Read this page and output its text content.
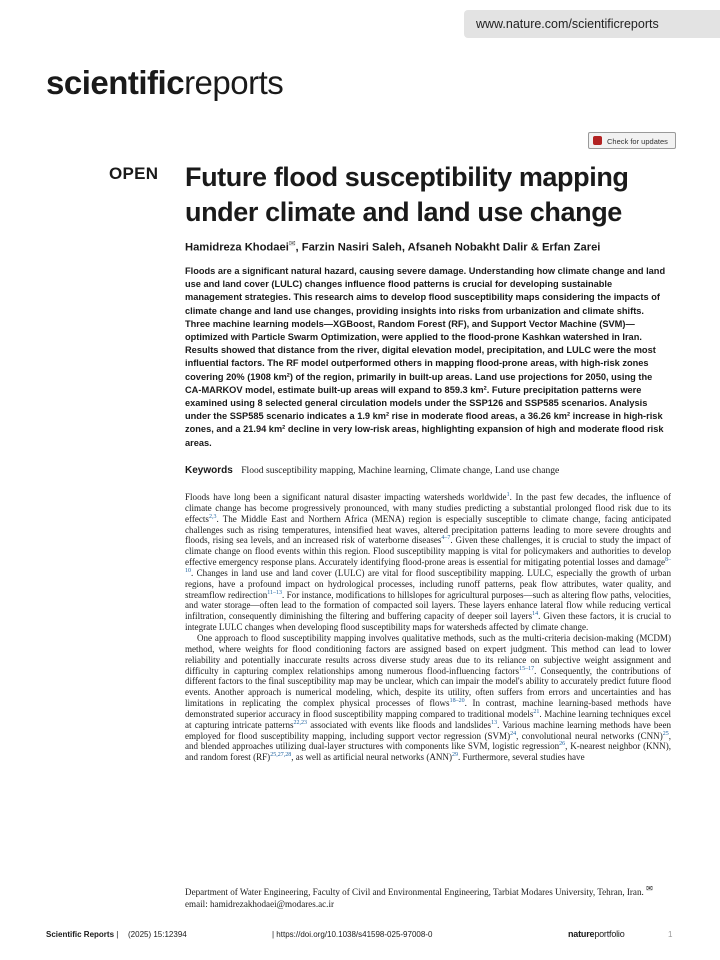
www.nature.com/scientificreports
scientificreports
Check for updates
OPEN Future flood susceptibility mapping under climate and land use change
Hamidreza Khodaei✉, Farzin Nasiri Saleh, Afsaneh Nobakht Dalir & Erfan Zarei

Floods are a significant natural hazard, causing severe damage. Understanding how climate change and land use and land cover (LULC) changes influence flood patterns is crucial for developing sustainable management strategies. This research aims to develop flood susceptibility maps considering the impacts of climate change and land use changes, providing insights into risks from urbanization and climate shifts. Three machine learning models—XGBoost, Random Forest (RF), and Support Vector Machine (SVM)—optimized with Particle Swarm Optimization, were applied to the flood-prone Kashkan watershed in Iran. Results showed that distance from the river, digital elevation model, precipitation, and LULC were the most influential factors. The RF model outperformed others in mapping flood-prone areas, with high-risk zones covering 20% (1908 km²) of the region, primarily in built-up areas. Land use projections for 2050, using the CA-MARKOV model, estimate built-up areas will expand to 859.3 km². Future precipitation patterns were examined using 8 selected general circulation models under the SSP126 and SSP585 scenarios. Analysis under the SSP585 scenario indicates a 1.9 km² rise in moderate flood areas, a 36.26 km² increase in high-risk zones, and a 21.94 km² decline in very low-risk areas, highlighting expansion of high and moderate flood risk areas.

Keywords Flood susceptibility mapping, Machine learning, Climate change, Land use change

Floods have long been a significant natural disaster impacting watersheds worldwide$^1$. In the past few decades, the influence of climate change has become progressively pronounced, with many studies predicting a substantial prolonged flood risk due to its effects$^{2,3}$. The Middle East and Northern Africa (MENA) region is especially susceptible to climate change, facing anticipated challenges such as rising temperatures, intensified heat waves, altered precipitation patterns leading to more severe droughts and floods, rising sea levels, and an increased risk of waterborne diseases$^{4-7}$. Given these challenges, it is crucial to study the impact of climate change on flood events within this region. Flood susceptibility mapping is vital for policymakers and authorities to develop effective emergency response plans. Accurately identifying flood-prone areas is essential for mitigating potential losses and damage$^{8-10}$. Changes in land use and land cover (LULC) are vital for flood susceptibility mapping. LULC, especially the growth of urban regions, have a profound impact on hydrological processes, including runoff patterns, peak flow attributes, water quality, and streamflow redirection$^{11-13}$. For instance, modifications to hillslopes for agricultural purposes—such as altering flow paths, velocities, and water storage—often lead to the formation of compacted soil layers. These layers enhance lateral flow while reducing vertical infiltration, consequently diminishing the filtering and buffering capacity of deeper soil layers$^{14}$. Given these factors, it is crucial to integrate LULC changes when developing flood susceptibility maps for watersheds affected by climate change.

One approach to flood susceptibility mapping involves qualitative methods, such as the multi-criteria decision-making (MCDM) method, where weights for flood conditioning factors are assigned based on expert judgment. This method can lead to lower reliability and potentially inaccurate results across diverse study areas due to its reliance on subjective weight assignment and difficulty in capturing complex relationships among numerous flood-influencing factors$^{15-17}$. Consequently, the contributions of different factors to the final susceptibility map may be unclear, which can impair the model's ability to accurately predict future flood events. Another approach is numerical modeling, which, despite its utility, often suffers from errors and uncertainties and has limitations in replicating the complex physical processes of flows$^{18-20}$. In contrast, machine learning-based methods have demonstrated superior accuracy in flood susceptibility mapping compared to traditional models$^{21}$. Machine learning techniques excel at capturing intricate patterns$^{22,23}$ associated with events like floods and landslides$^{13}$. Various machine learning methods have been employed for flood susceptibility mapping, including support vector regression (SVM)$^{24}$, convolutional neural networks (CNN)$^{25}$, and blended approaches utilizing dual-layer structures with components like SVM, logistic regression$^{26}$, K-nearest neighbor (KNN), and random forest (RF)$^{25,27,28}$, as well as artificial neural networks (ANN)$^{29}$. Furthermore, several studies have

Department of Water Engineering, Faculty of Civil and Environmental Engineering, Tarbiat Modares University, Tehran, Iran. ✉email: hamidrezakhodaei@modares.ac.ir
Scientific Reports | (2025) 15:12394	| https://doi.org/10.1038/s41598-025-97008-0	natureportfolio	1
